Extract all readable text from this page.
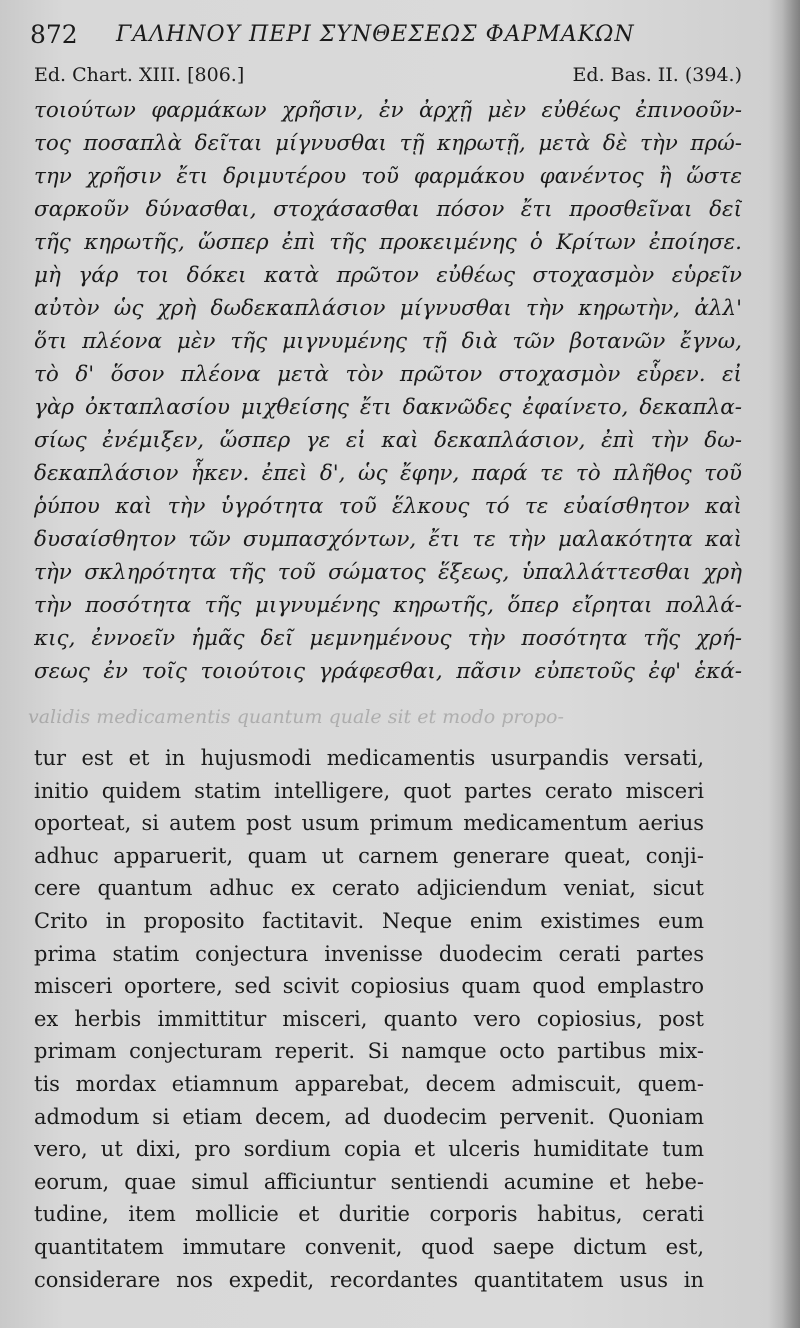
872 ΓΑΛΗΝΟΥ ΠΕΡΙ ΣΥΝΘΕΣΕΩΣ ΦΑΡΜΑΚΩΝ
Ed. Chart. XIII. [806.]	Ed. Bas. II. (394.)
τοιούτων φαρμάκων χρῆσιν, ἐν ἀρχῇ μὲν εὐθέως ἐπινοοῦν-
τος ποσαπλὰ δεῖται μίγνυσθαι τῇ κηρωτῇ, μετὰ δὲ τὴν πρώ-
την χρῆσιν ἔτι δριμυτέρου τοῦ φαρμάκου φανέντος ἢ ὥστε
σαρκοῦν δύνασθαι, στοχάσασθαι πόσον ἔτι προσθεῖναι δεῖ
τῆς κηρωτῆς, ὥσπερ ἐπὶ τῆς προκειμένης ὁ Κρίτων ἐποίησε.
μὴ γάρ τοι δόκει κατὰ πρῶτον εὐθέως στοχασμὸν εὑρεῖν
αὐτὸν ὡς χρὴ δωδεκαπλάσιον μίγνυσθαι τὴν κηρωτὴν, ἀλλ'
ὅτι πλέονα μὲν τῆς μιγνυμένης τῇ διὰ τῶν βοτανῶν ἔγνω,
τὸ δ' ὅσον πλέονα μετὰ τὸν πρῶτον στοχασμὸν εὗρεν. εἰ
γὰρ ὀκταπλασίου μιχθείσης ἔτι δακνῶδες ἐφαίνετο, δεκαπλα-
σίως ἐνέμιξεν, ὥσπερ γε εἰ καὶ δεκαπλάσιον, ἐπὶ τὴν δω-
δεκαπλάσιον ἧκεν. ἐπεὶ δ', ὡς ἔφην, παρά τε τὸ πλῆθος τοῦ
ῥύπου καὶ τὴν ὑγρότητα τοῦ ἕλκους τό τε εὐαίσθητον καὶ
δυσαίσθητον τῶν συμπασχόντων, ἔτι τε τὴν μαλακότητα καὶ
τὴν σκληρότητα τῆς τοῦ σώματος ἕξεως, ὑπαλλάττεσθαι χρὴ
τὴν ποσότητα τῆς μιγνυμένης κηρωτῆς, ὅπερ εἴρηται πολλά-
κις, ἐννοεῖν ἡμᾶς δεῖ μεμνημένους τὴν ποσότητα τῆς χρή-
σεως ἐν τοῖς τοιούτοις γράφεσθαι, πᾶσιν εὐπετοῦς ἐφ' ἑκά-
validis medicamentis quantum quale sit et modo propo-
tur est et in hujusmodi medicamentis usurpandis versati,
initio quidem statim intelligere, quot partes cerato misceri
oporteat, si autem post usum primum medicamentum aerius
adhuc apparuerit, quam ut carnem generare queat, conji-
cere quantum adhuc ex cerato adjiciendum veniat, sicut
Crito in proposito factitavit. Neque enim existimes eum
prima statim conjectura invenisse duodecim cerati partes
misceri oportere, sed scivit copiosius quam quod emplastro
ex herbis immittitur misceri, quanto vero copiosius, post
primam conjecturam reperit. Si namque octo partibus mix-
tis mordax etiamnum apparebat, decem admiscuit, quem-
admodum si etiam decem, ad duodecim pervenit. Quoniam
vero, ut dixi, pro sordium copia et ulceris humiditate tum
eorum, quae simul afficiuntur sentiendi acumine et hebe-
tudine, item mollicie et duritie corporis habitus, cerati
quantitatem immutare convenit, quod saepe dictum est,
considerare nos expedit, recordantes quantitatem usus in
